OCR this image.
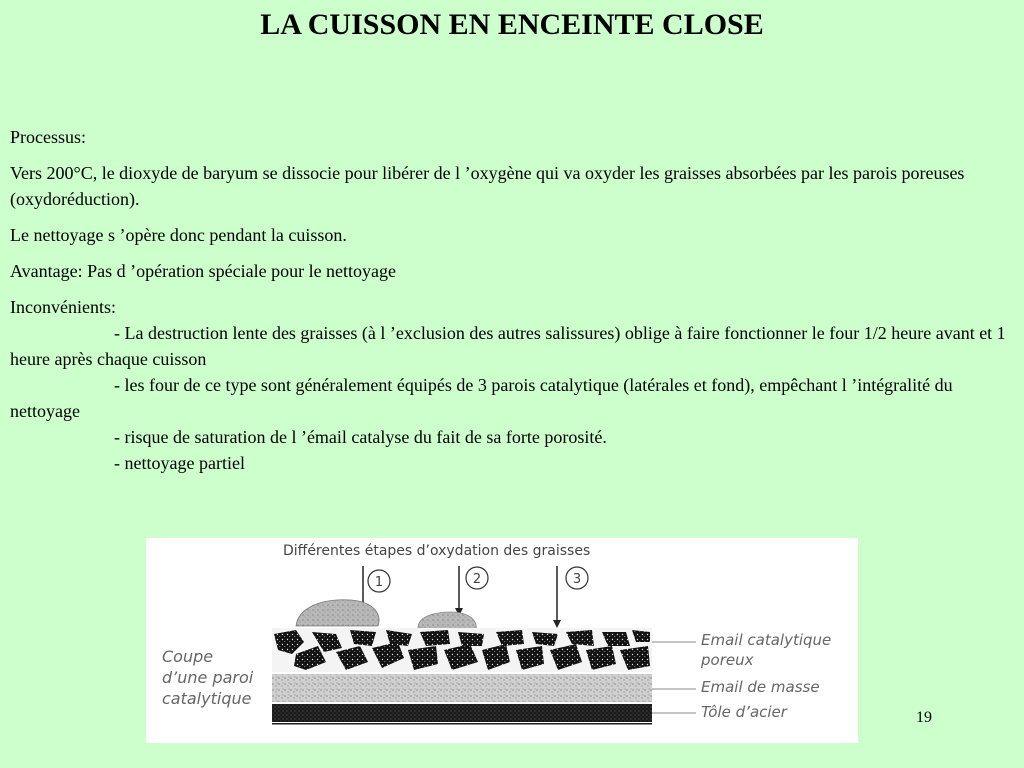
LA CUISSON EN ENCEINTE CLOSE

Processus:

Vers 200°C, le dioxyde de baryum se dissocie pour libérer de l ’oxygène qui va oxyder les graisses absorbées par les parois poreuses (oxydoréduction).

Le nettoyage s ’opère donc pendant la cuisson.

Avantage: Pas d ’opération spéciale pour le nettoyage

Inconvénients:

- La destruction lente des graisses (à l ’exclusion des autres salissures) oblige à faire fonctionner le four 1/2 heure avant et 1 heure après chaque cuisson
- les four de ce type sont généralement équipés de 3 parois catalytique (latérales et fond), empêchant l ’intégralité du nettoyage
- risque de saturation de l ’émail catalyse du fait de sa forte porosité.
- nettoyage partiel
Différentes étapes d’oxydation des graisses
1	2	3
Coupe
d’une paroi
catalytique
Email catalytique
poreux
Email de masse
Tôle d’acier	19
